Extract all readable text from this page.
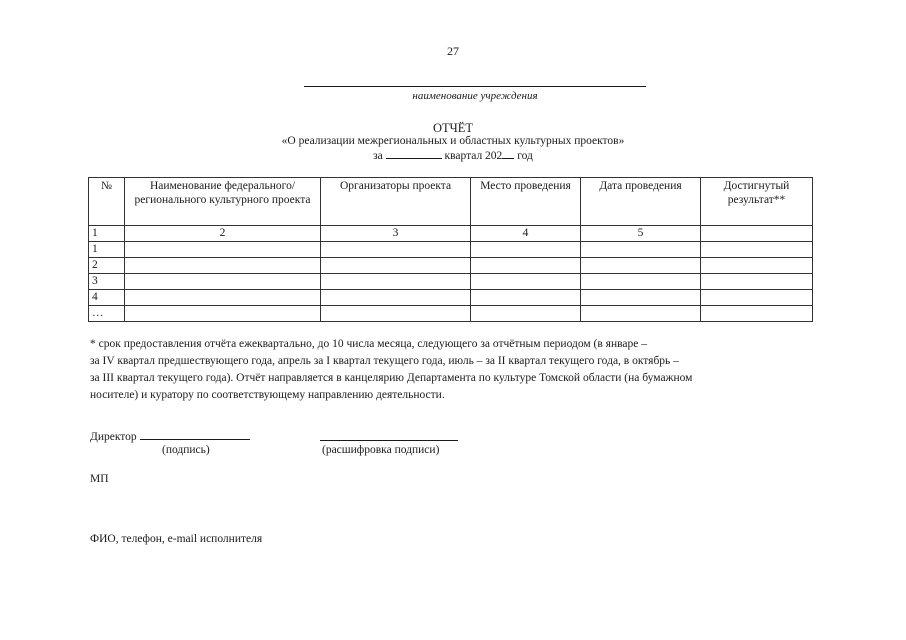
27
наименование учреждения
ОТЧЁТ
«О реализации межрегиональных и областных культурных проектов»
за	квартал 202 год
№	Наименование федерального/регионального культурного проекта	Организаторы проекта	Место проведения	Дата проведения	Достигнутый результат**
1	2	3	4	5	
1					
2					
3					
4					
…					
* срок предоставления отчёта ежеквартально, до 10 числа месяца, следующего за отчётным периодом (в январе –
за IV квартал предшествующего года, апрель за I квартал текущего года, июль – за II квартал текущего года, в октябрь –
за III квартал текущего года). Отчёт направляется в канцелярию Департамента по культуре Томской области (на бумажном
носителе) и куратору по соответствующему направлению деятельности.
Директор
(подпись)	(расшифровка подписи)
МП
ФИО, телефон, e-mail исполнителя
